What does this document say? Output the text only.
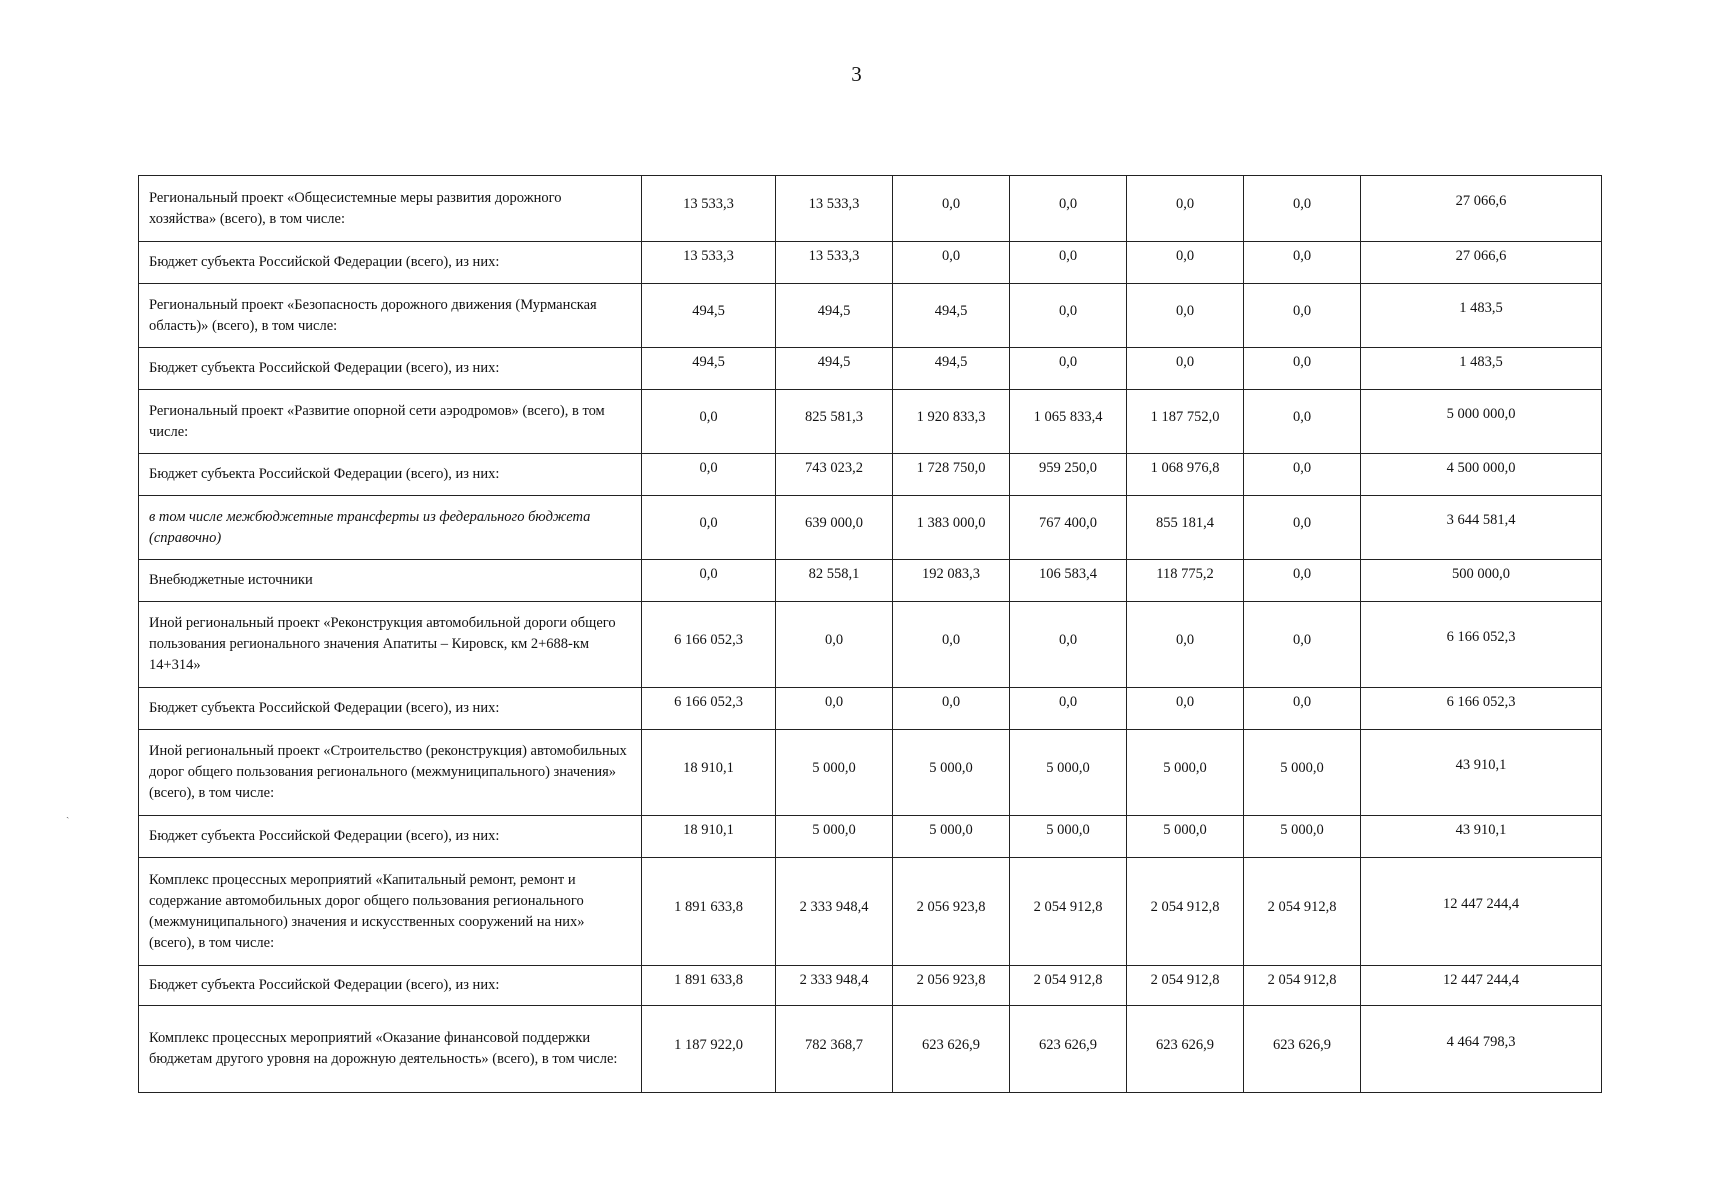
3
ˎ
Региональный проект «Общесистемные меры развития дорожного хозяйства» (всего), в том числе:	13 533,3	13 533,3	0,0	0,0	0,0	0,0	27 066,6
Бюджет субъекта Российской Федерации (всего), из них:	13 533,3	13 533,3	0,0	0,0	0,0	0,0	27 066,6
Региональный проект «Безопасность дорожного движения (Мурманская область)» (всего), в том числе:	494,5	494,5	494,5	0,0	0,0	0,0	1 483,5
Бюджет субъекта Российской Федерации (всего), из них:	494,5	494,5	494,5	0,0	0,0	0,0	1 483,5
Региональный проект «Развитие опорной сети аэродромов» (всего), в том числе:	0,0	825 581,3	1 920 833,3	1 065 833,4	1 187 752,0	0,0	5 000 000,0
Бюджет субъекта Российской Федерации (всего), из них:	0,0	743 023,2	1 728 750,0	959 250,0	1 068 976,8	0,0	4 500 000,0
в том числе межбюджетные трансферты из федерального бюджета (справочно)	0,0	639 000,0	1 383 000,0	767 400,0	855 181,4	0,0	3 644 581,4
Внебюджетные источники	0,0	82 558,1	192 083,3	106 583,4	118 775,2	0,0	500 000,0
Иной региональный проект «Реконструкция автомобильной дороги общего пользования регионального значения Апатиты – Кировск, км 2+688-км 14+314»	6 166 052,3	0,0	0,0	0,0	0,0	0,0	6 166 052,3
Бюджет субъекта Российской Федерации (всего), из них:	6 166 052,3	0,0	0,0	0,0	0,0	0,0	6 166 052,3
Иной региональный проект «Строительство (реконструкция) автомобильных дорог общего пользования регионального (межмуниципального) значения» (всего), в том числе:	18 910,1	5 000,0	5 000,0	5 000,0	5 000,0	5 000,0	43 910,1
Бюджет субъекта Российской Федерации (всего), из них:	18 910,1	5 000,0	5 000,0	5 000,0	5 000,0	5 000,0	43 910,1
Комплекс процессных мероприятий «Капитальный ремонт, ремонт и содержание автомобильных дорог общего пользования регионального (межмуниципального) значения и искусственных сооружений на них» (всего), в том числе:	1 891 633,8	2 333 948,4	2 056 923,8	2 054 912,8	2 054 912,8	2 054 912,8	12 447 244,4
Бюджет субъекта Российской Федерации (всего), из них:	1 891 633,8	2 333 948,4	2 056 923,8	2 054 912,8	2 054 912,8	2 054 912,8	12 447 244,4
Комплекс процессных мероприятий «Оказание финансовой поддержки бюджетам другого уровня на дорожную деятельность» (всего), в том числе:	1 187 922,0	782 368,7	623 626,9	623 626,9	623 626,9	623 626,9	4 464 798,3
